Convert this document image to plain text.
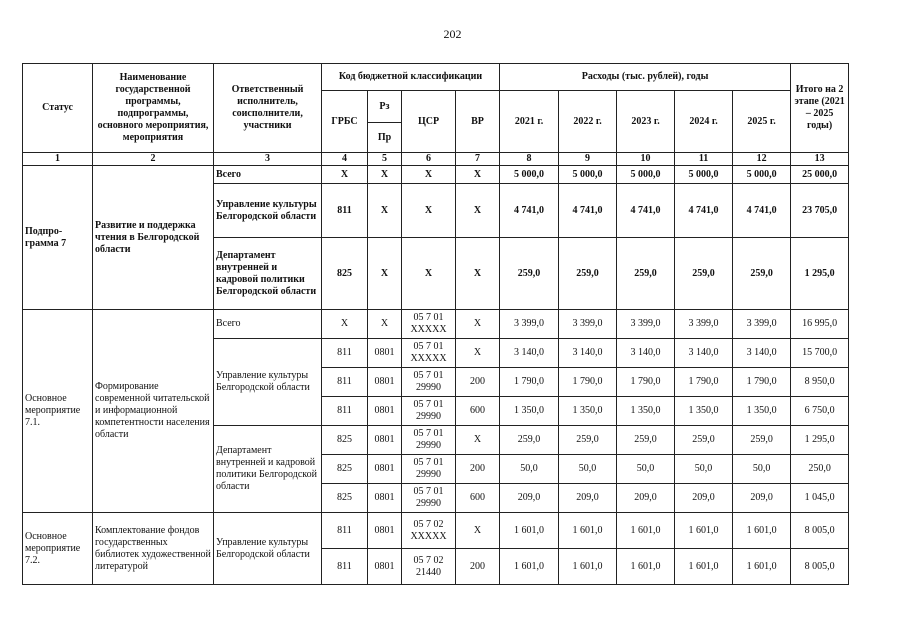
202
Статус	Наименование государственной программы, подпрограммы, основного мероприятия, мероприятия	Ответственный исполнитель, соисполнители, участники	Код бюджетной классификации				Расходы (тыс. рублей), годы					Итого на 2 этапе (2021 – 2025 годы)
			ГРБС	Рз	ЦСР	ВР	2021 г.	2022 г.	2023 г.	2024 г.	2025 г.	
				Пр								
1	2	3	4	5	6	7	8	9	10	11	12	13
Подпро-грамма 7	Развитие и поддержка чтения в Белгородской области	Всего	Х	Х	Х	Х	5 000,0	5 000,0	5 000,0	5 000,0	5 000,0	25 000,0
		Управление культуры Белгородской области	811	Х	Х	Х	4 741,0	4 741,0	4 741,0	4 741,0	4 741,0	23 705,0
		Департамент внутренней и кадровой политики Белгородской области	825	Х	Х	Х	259,0	259,0	259,0	259,0	259,0	1 295,0
Основное мероприятие 7.1.	Формирование современной читательской и информационной компетентности населения области	Всего	Х	Х	05 7 01 ХХХХХ	Х	3 399,0	3 399,0	3 399,0	3 399,0	3 399,0	16 995,0
		Управление культуры Белгородской области	811	0801	05 7 01 ХХХХХ	Х	3 140,0	3 140,0	3 140,0	3 140,0	3 140,0	15 700,0
			811	0801	05 7 01 29990	200	1 790,0	1 790,0	1 790,0	1 790,0	1 790,0	8 950,0
			811	0801	05 7 01 29990	600	1 350,0	1 350,0	1 350,0	1 350,0	1 350,0	6 750,0
		Департамент внутренней и кадровой политики Белгородской области	825	0801	05 7 01 29990	Х	259,0	259,0	259,0	259,0	259,0	1 295,0
			825	0801	05 7 01 29990	200	50,0	50,0	50,0	50,0	50,0	250,0
			825	0801	05 7 01 29990	600	209,0	209,0	209,0	209,0	209,0	1 045,0
Основное мероприятие 7.2.	Комплектование фондов государственных библиотек художественной литературой	Управление культуры Белгородской области	811	0801	05 7 02 ХХХХХ	Х	1 601,0	1 601,0	1 601,0	1 601,0	1 601,0	8 005,0
			811	0801	05 7 02 21440	200	1 601,0	1 601,0	1 601,0	1 601,0	1 601,0	8 005,0
